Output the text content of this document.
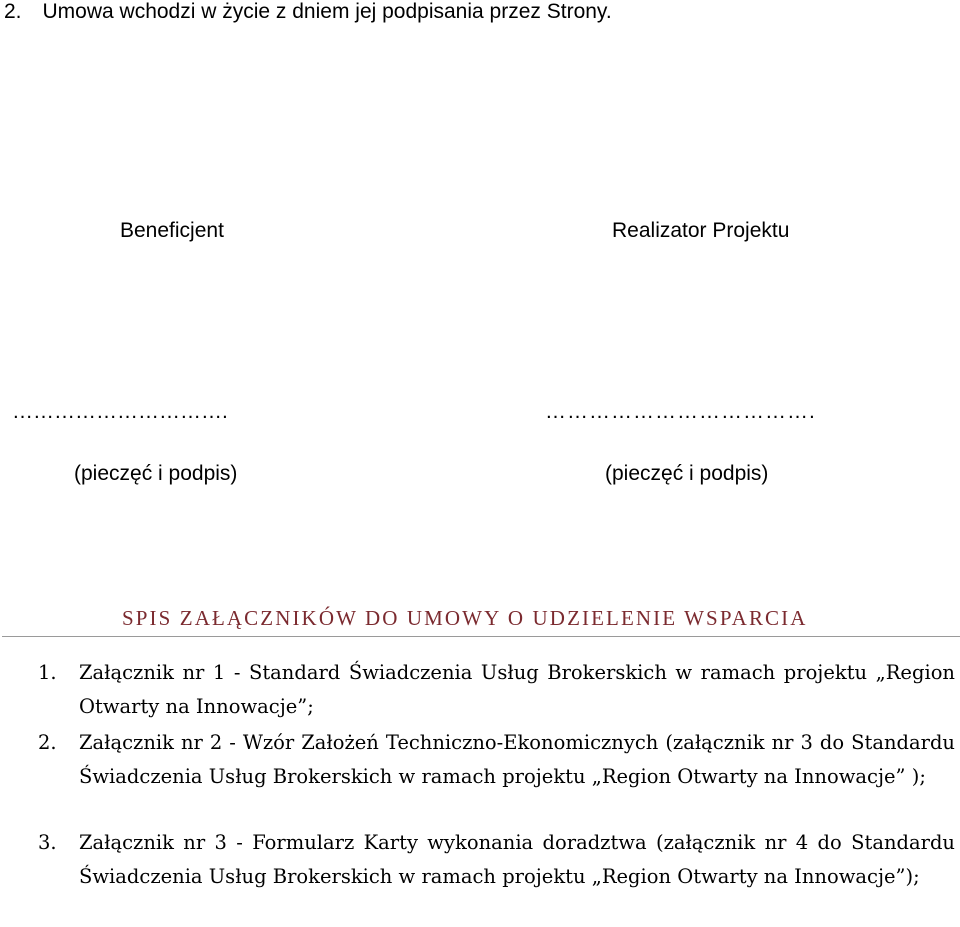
2. Umowa wchodzi w życie z dniem jej podpisania przez Strony.
Beneficjent	Realizator Projektu
………………………….	……………………………….
(pieczęć i podpis)	(pieczęć i podpis)
SPIS ZAŁĄCZNIKÓW DO UMOWY O UDZIELENIE WSPARCIA
1. Załącznik nr 1 - Standard Świadczenia Usług Brokerskich w ramach projektu „Region Otwarty na Innowacje”;
2. Załącznik nr 2 - Wzór Założeń Techniczno-Ekonomicznych (załącznik nr 3 do Standardu Świadczenia Usług Brokerskich w ramach projektu „Region Otwarty na Innowacje” );
3. Załącznik nr 3 - Formularz Karty wykonania doradztwa (załącznik nr 4 do Standardu Świadczenia Usług Brokerskich w ramach projektu „Region Otwarty na Innowacje”);
